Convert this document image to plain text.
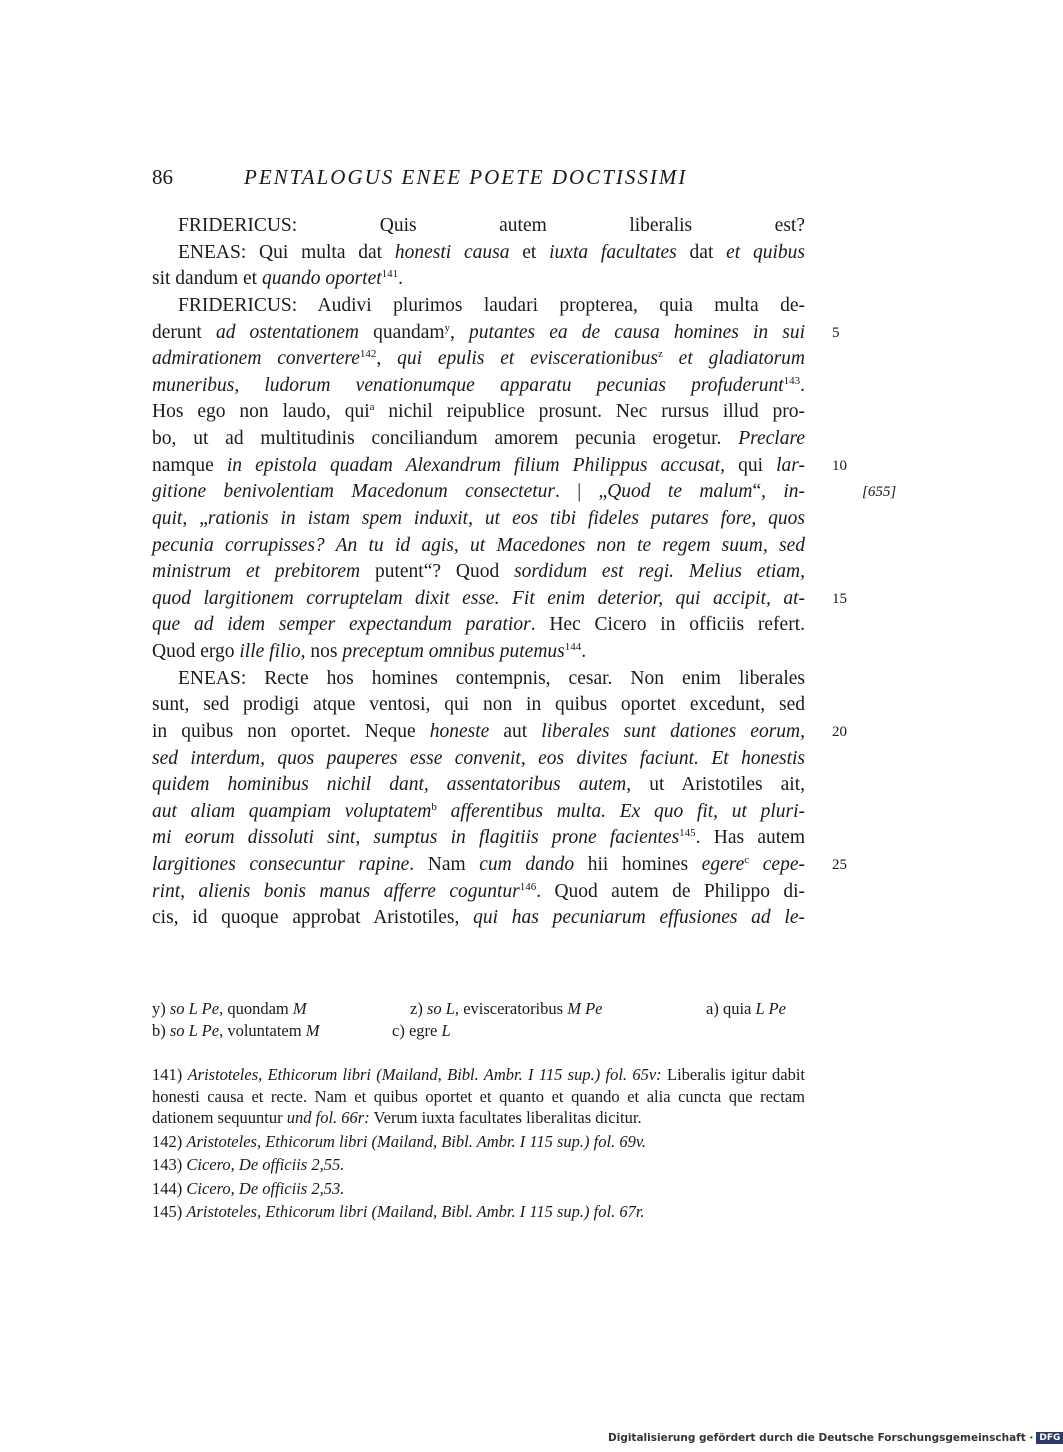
86	PENTALOGUS ENEE POETE DOCTISSIMI
FRIDERICUS: Quis autem liberalis est?
ENEAS: Qui multa dat honesti causa et iuxta facultates dat et quibus
sit dandum et quando oportet$^{141}$.
FRIDERICUS: Audivi plurimos laudari propterea, quia multa de-
derunt ad ostentationem quandam$^y$, putantes ea de causa homines in sui
admirationem convertere$^{142}$, qui epulis et eviscerationibus$^z$ et gladiatorum
muneribus, ludorum venationumque apparatu pecunias profuderunt$^{143}$.
Hos ego non laudo, qui$^a$ nichil reipublice prosunt. Nec rursus illud pro-
bo, ut ad multitudinis conciliandum amorem pecunia erogetur. Preclare
namque in epistola quadam Alexandrum filium Philippus accusat, qui lar-
gitione benivolentiam Macedonum consectetur. | „Quod te malum“, in-
quit, „rationis in istam spem induxit, ut eos tibi fideles putares fore, quos
pecunia corrupisses? An tu id agis, ut Macedones non te regem suum, sed
ministrum et prebitorem putent“? Quod sordidum est regi. Melius etiam,
quod largitionem corruptelam dixit esse. Fit enim deterior, qui accipit, at-
que ad idem semper expectandum paratior. Hec Cicero in officiis refert.
Quod ergo ille filio, nos preceptum omnibus putemus$^{144}$.
ENEAS: Recte hos homines contempnis, cesar. Non enim liberales
sunt, sed prodigi atque ventosi, qui non in quibus oportet excedunt, sed
in quibus non oportet. Neque honeste aut liberales sunt dationes eorum,
sed interdum, quos pauperes esse convenit, eos divites faciunt. Et honestis
quidem hominibus nichil dant, assentatoribus autem, ut Aristotiles ait,
aut aliam quampiam voluptatem$^b$ afferentibus multa. Ex quo fit, ut pluri-
mi eorum dissoluti sint, sumptus in flagitiis prone facientes$^{145}$. Has autem
largitiones consecuntur rapine. Nam cum dando hii homines egere$^c$ cepe-
rint, alienis bonis manus afferre coguntur$^{146}$. Quod autem de Philippo di-
cis, id quoque approbat Aristotiles, qui has pecuniarum effusiones ad le-
5
10
[655]
15
20
25
y) so L Pe, quondam M	z) so L, evisceratoribus M Pe	a) quia L Pe
b) so L Pe, voluntatem M	c) egre L

141) Aristoteles, Ethicorum libri (Mailand, Bibl. Ambr. I 115 sup.) fol. 65v: Liberalis igitur dabit honesti causa et recte. Nam et quibus oportet et quanto et quando et alia cuncta que rectam dationem sequuntur und fol. 66r: Verum iuxta facultates liberalitas dicitur.

142) Aristoteles, Ethicorum libri (Mailand, Bibl. Ambr. I 115 sup.) fol. 69v.

143) Cicero, De officiis 2,55.

144) Cicero, De officiis 2,53.

145) Aristoteles, Ethicorum libri (Mailand, Bibl. Ambr. I 115 sup.) fol. 67r.

Digitalisierung gefördert durch die Deutsche Forschungsgemeinschaft · DFG
